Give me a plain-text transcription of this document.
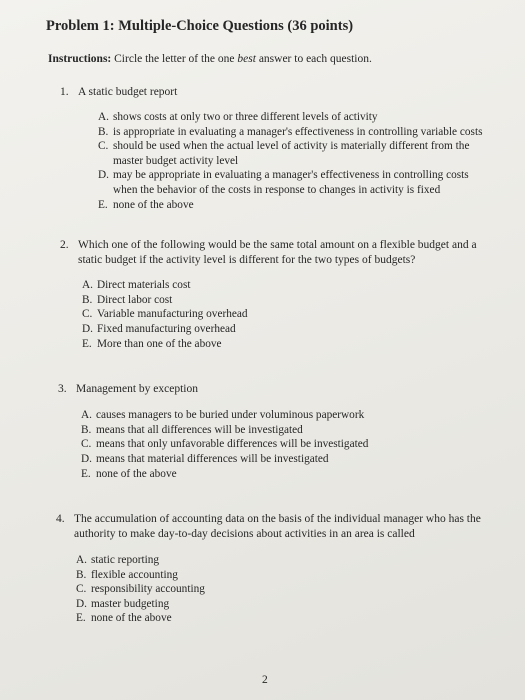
Problem 1: Multiple-Choice Questions (36 points)
Instructions: Circle the letter of the one best answer to each question.
1. A static budget report
A. shows costs at only two or three different levels of activity
B. is appropriate in evaluating a manager's effectiveness in controlling variable costs
C. should be used when the actual level of activity is materially different from the master budget activity level
D. may be appropriate in evaluating a manager's effectiveness in controlling costs when the behavior of the costs in response to changes in activity is fixed
E. none of the above
2. Which one of the following would be the same total amount on a flexible budget and a static budget if the activity level is different for the two types of budgets?
A. Direct materials cost
B. Direct labor cost
C. Variable manufacturing overhead
D. Fixed manufacturing overhead
E. More than one of the above
3. Management by exception
A. causes managers to be buried under voluminous paperwork
B. means that all differences will be investigated
C. means that only unfavorable differences will be investigated
D. means that material differences will be investigated
E. none of the above
4. The accumulation of accounting data on the basis of the individual manager who has the authority to make day-to-day decisions about activities in an area is called
A. static reporting
B. flexible accounting
C. responsibility accounting
D. master budgeting
E. none of the above
2
